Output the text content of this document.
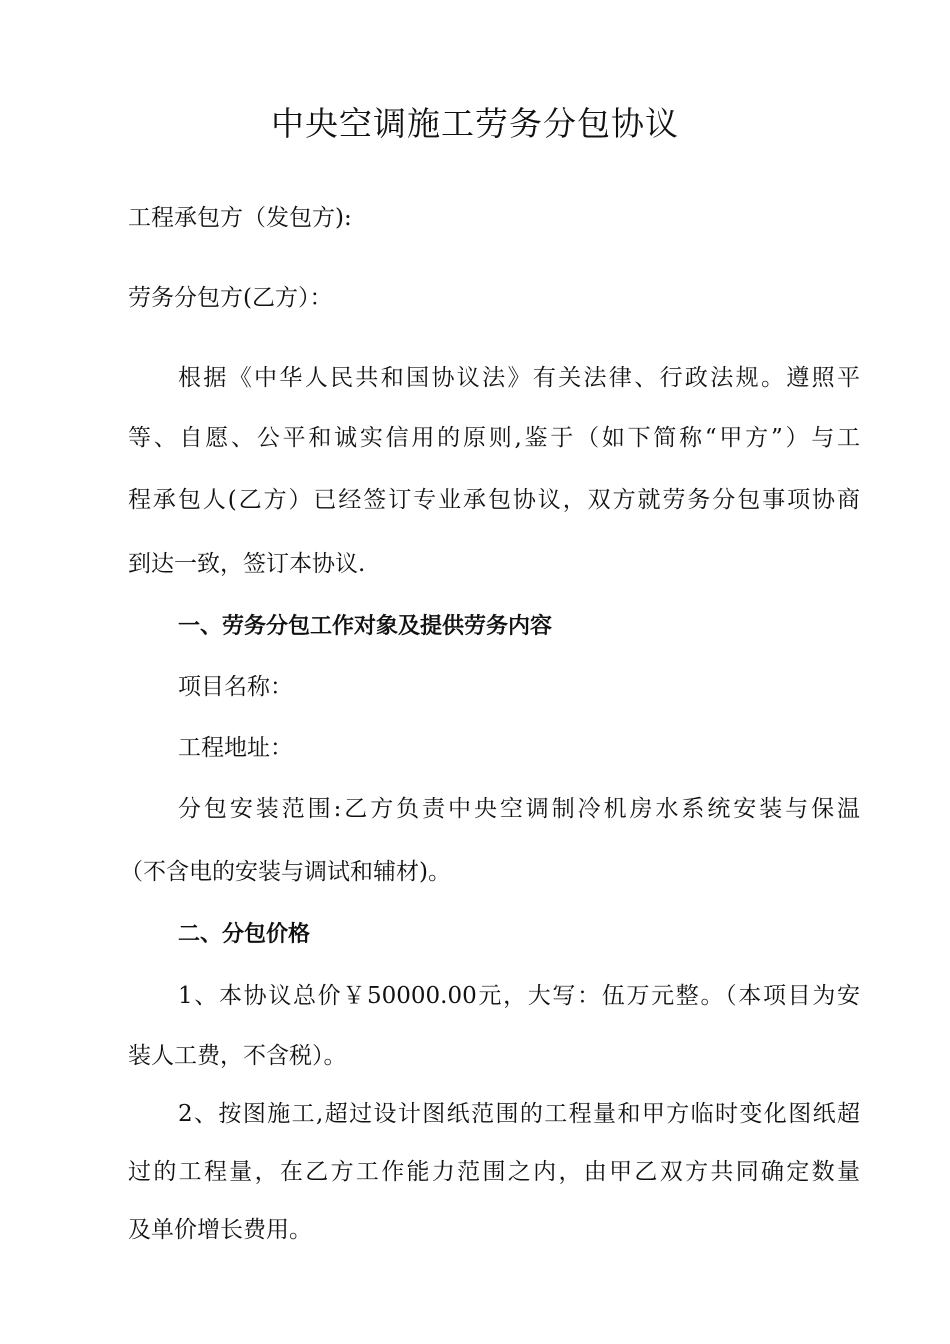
中央空调施工劳务分包协议

工程承包方（发包方):

劳务分包方(乙方）：

根据《中华人民共和国协议法》有关法律、行政法规。遵照平

等、自愿、公平和诚实信用的原则,鉴于（如下简称“甲方”）与工

程承包人(乙方）已经签订专业承包协议，双方就劳务分包事项协商

到达一致，签订本协议.

一、劳务分包工作对象及提供劳务内容

项目名称：

工程地址：

分包安装范围:乙方负责中央空调制冷机房水系统安装与保温

（不含电的安装与调试和辅材)。

二、分包价格

1、本协议总价￥50000.00元，大写：伍万元整。（本项目为安

装人工费，不含税）。

2、按图施工,超过设计图纸范围的工程量和甲方临时变化图纸超

过的工程量，在乙方工作能力范围之内，由甲乙双方共同确定数量

及单价增长费用。
